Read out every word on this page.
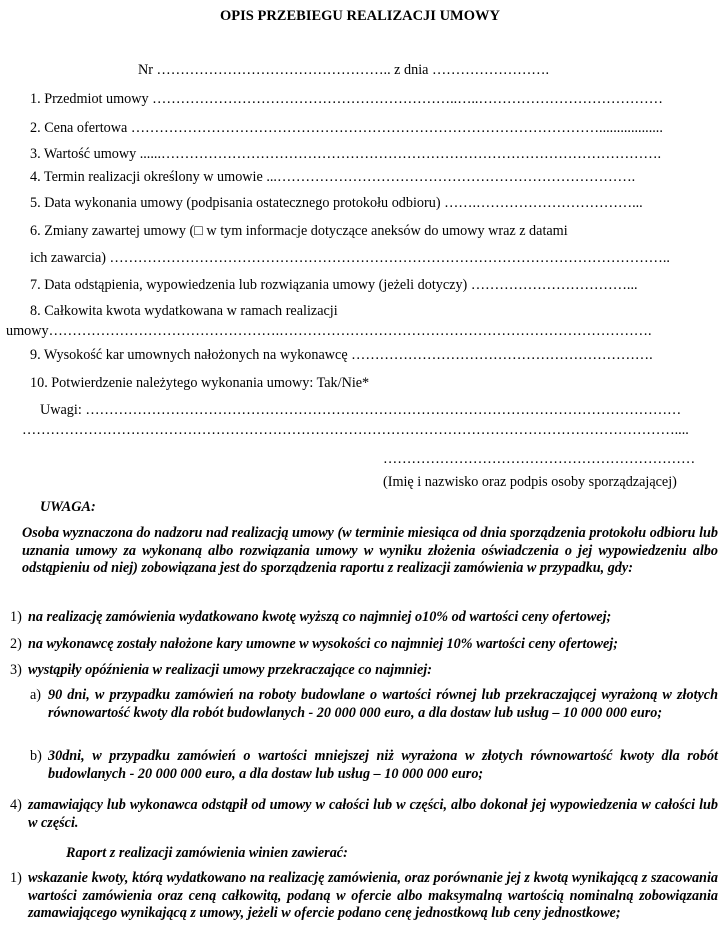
OPIS PRZEBIEGU REALIZACJI UMOWY
Nr ………………………………………….. z dnia …………………….
1. Przedmiot umowy ………………………………………………………..…..…………………………………
2. Cena ofertowa ………………………………………………………………………………………..................
3. Wartość umowy ......…………………………………………………………………………………………….
4. Termin realizacji określony w umowie ...………………………………………………………………….
5. Data wykonania umowy (podpisania ostatecznego protokołu odbioru) …….……………………………...
6. Zmiany zawartej umowy (□ w tym informacje dotyczące aneksów do umowy wraz z datami
ich zawarcia) ………………………………………………………………………………………………………..
7. Data odstąpienia, wypowiedzenia lub rozwiązania umowy (jeżeli dotyczy) ……………………………...
8. Całkowita kwota wydatkowana w ramach realizacji
umowy………………………………………….…………………………………………………………………….
9. Wysokość kar umownych nałożonych na wykonawcę ……………………………………………………….
10. Potwierdzenie należytego wykonania umowy: Tak/Nie*
Uwagi: ………………………………………………………………………………………………………………
…………………………………………………………………………………………………………………………....
…………………………………………………………
(Imię i nazwisko oraz podpis osoby sporządzającej)
UWAGA:
Osoba wyznaczona do nadzoru nad realizacją umowy (w terminie miesiąca od dnia sporządzenia protokołu odbioru lub uznania umowy za wykonaną albo rozwiązania umowy w wyniku złożenia oświadczenia o jej wypowiedzeniu albo odstąpieniu od niej) zobowiązana jest do sporządzenia raportu z realizacji zamówienia w przypadku, gdy:
1) na realizację zamówienia wydatkowano kwotę wyższą co najmniej o10% od wartości ceny ofertowej;
2) na wykonawcę zostały nałożone kary umowne w wysokości co najmniej 10% wartości ceny ofertowej;
3) wystąpiły opóźnienia w realizacji umowy przekraczające co najmniej:
a) 90 dni, w przypadku zamówień na roboty budowlane o wartości równej lub przekraczającej wyrażoną w złotych równowartość kwoty dla robót budowlanych - 20 000 000 euro, a dla dostaw lub usług – 10 000 000 euro;
b) 30dni, w przypadku zamówień o wartości mniejszej niż wyrażona w złotych równowartość kwoty dla robót budowlanych - 20 000 000 euro, a dla dostaw lub usług – 10 000 000 euro;
4) zamawiający lub wykonawca odstąpił od umowy w całości lub w części, albo dokonał jej wypowiedzenia w całości lub w części.
Raport z realizacji zamówienia winien zawierać:
1) wskazanie kwoty, którą wydatkowano na realizację zamówienia, oraz porównanie jej z kwotą wynikającą z szacowania wartości zamówienia oraz ceną całkowitą, podaną w ofercie albo maksymalną wartością nominalną zobowiązania zamawiającego wynikającą z umowy, jeżeli w ofercie podano cenę jednostkową lub ceny jednostkowe;
